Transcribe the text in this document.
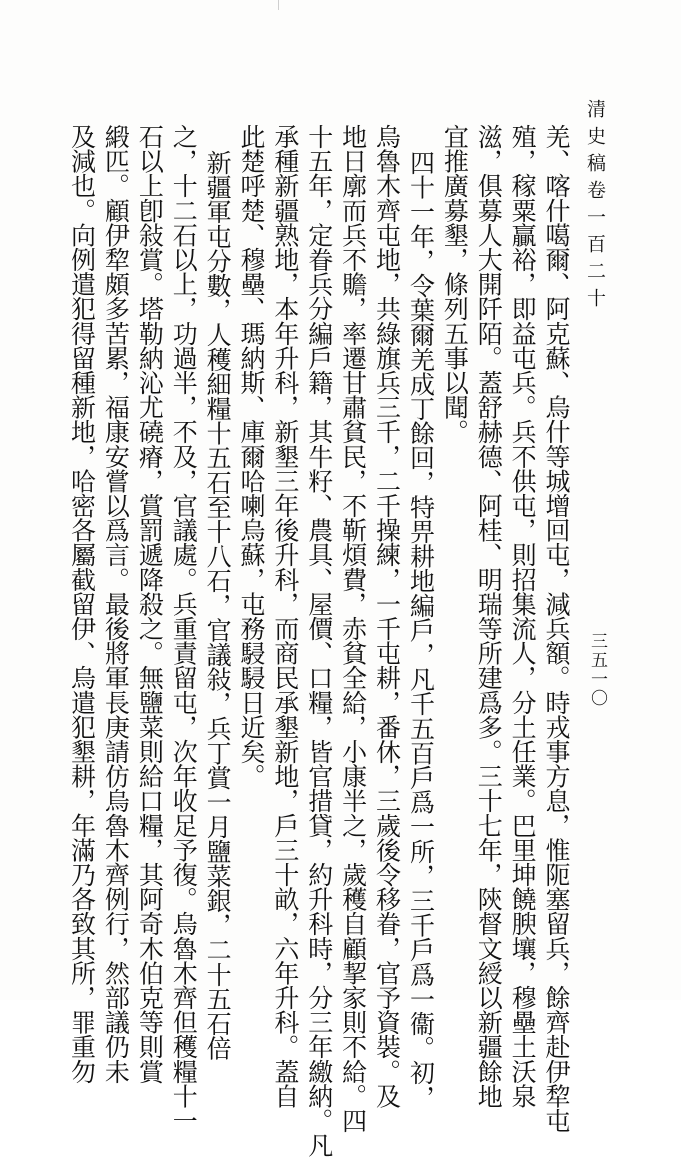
清史稿卷一百二十
三五一〇
羌、喀什噶爾、阿克蘇、烏什等城增回屯，減兵額。時戎事方息，惟阨塞留兵，餘齊赴伊犂屯
殖，稼粟贏裕，即益屯兵。兵不供屯，則招集流人，分土任業。巴里坤饒腴壤，穆壘土沃泉
滋，俱募人大開阡陌。蓋舒赫德、阿桂、明瑞等所建爲多。三十七年，陝督文綬以新疆餘地
宜推廣募墾，條列五事以聞。
四十一年，令葉爾羌成丁餘回，特畀耕地編戶，凡千五百戶爲一所，三千戶爲一衞。初，
烏魯木齊屯地，共綠旗兵三千，二千操練，一千屯耕，番休，三歲後令移眷，官予資裝。及
地日廓而兵不贍，率遷甘肅貧民，不靳煩費，赤貧全給，小康半之，歲穫自顧挈家則不給。四
十五年，定眷兵分編戶籍，其牛籽、農具、屋價、口糧，皆官措貸，約升科時，分三年繳納。凡
承種新疆熟地，本年升科，新墾三年後升科，而商民承墾新地，戶三十畝，六年升科。蓋自
此楚呼楚、穆壘、瑪納斯、庫爾哈喇烏蘇，屯務駸駸日近矣。
新疆軍屯分數，人穫細糧十五石至十八石，官議敍，兵丁賞一月鹽菜銀，二十五石倍
之，十二石以上，功過半，不及，官議處。兵重責留屯，次年收足予復。烏魯木齊但穫糧十一
石以上卽敍賞。塔勒納沁尤磽瘠，賞罰遞降殺之。無鹽菜則給口糧，其阿奇木伯克等則賞
緞匹。顧伊犂頗多苦累，福康安嘗以爲言。最後將軍長庚請仿烏魯木齊例行，然部議仍未
及減也。向例遣犯得留種新地，哈密各屬截留伊、烏遣犯墾耕，年滿乃各致其所，罪重勿
